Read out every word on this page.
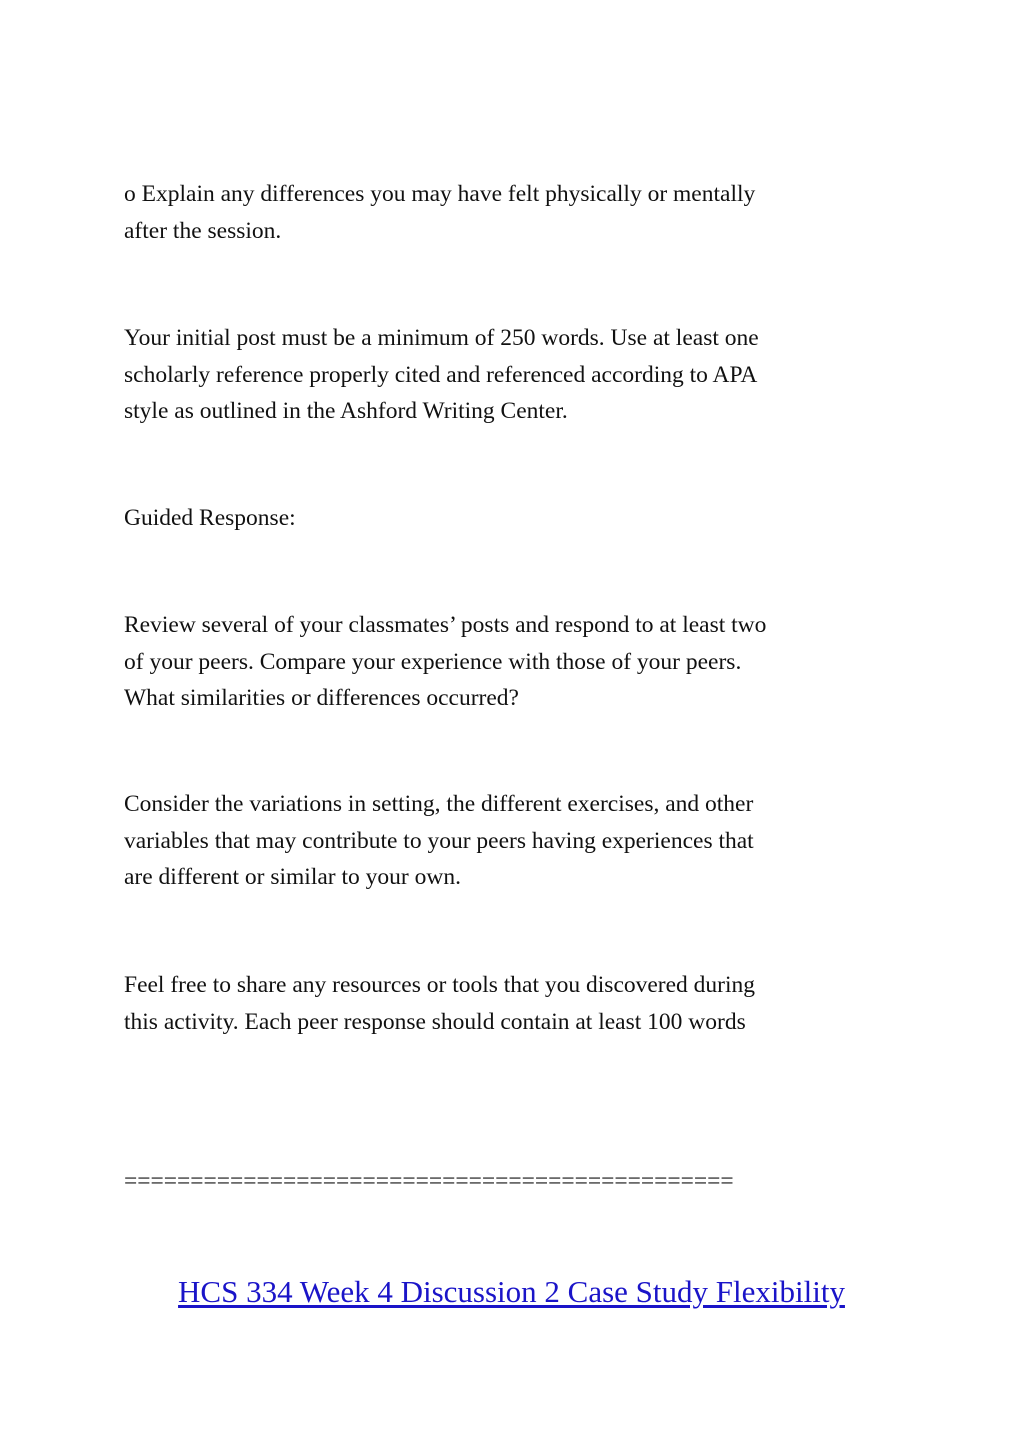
o Explain any differences you may have felt physically or mentally
after the session.

Your initial post must be a minimum of 250 words. Use at least one
scholarly reference properly cited and referenced according to APA
style as outlined in the Ashford Writing Center.

Guided Response:

Review several of your classmates’ posts and respond to at least two
of your peers. Compare your experience with those of your peers.
What similarities or differences occurred?

Consider the variations in setting, the different exercises, and other
variables that may contribute to your peers having experiences that
are different or similar to your own.

Feel free to share any resources or tools that you discovered during
this activity. Each peer response should contain at least 100 words

==============================================
HCS 334 Week 4 Discussion 2 Case Study Flexibility
